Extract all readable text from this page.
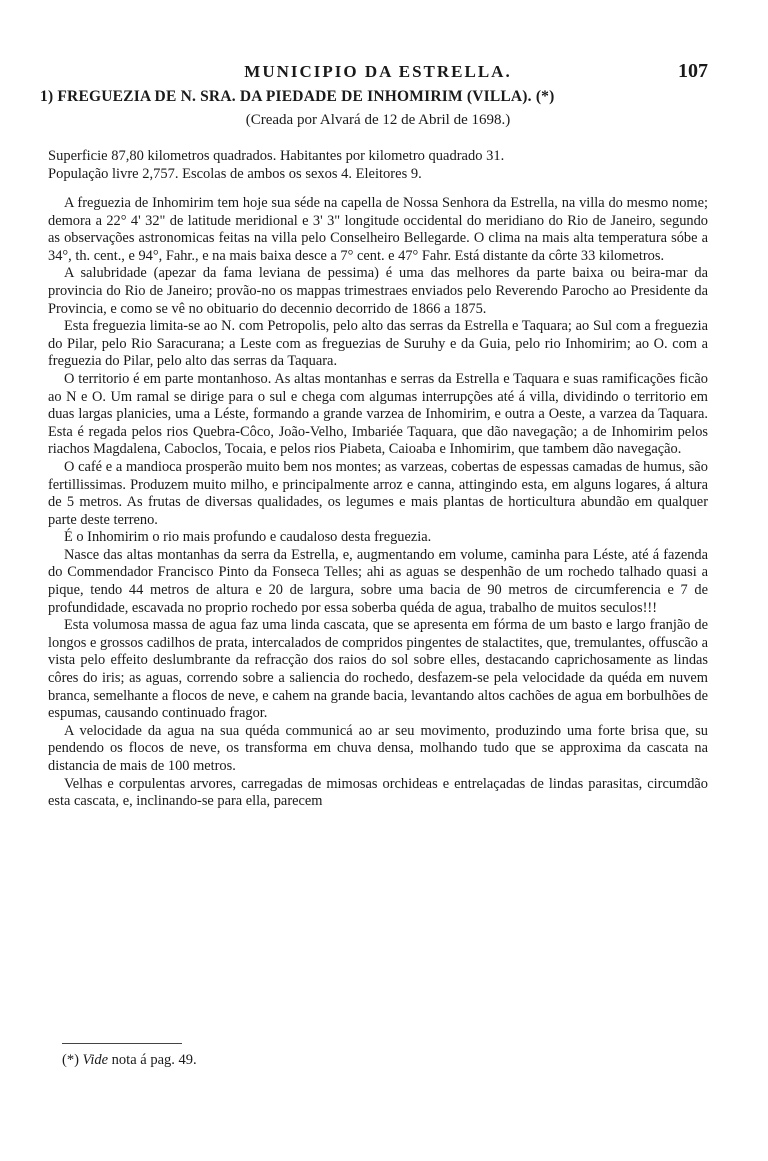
MUNICIPIO DA ESTRELLA.	107
1) FREGUEZIA DE N. SRA. DA PIEDADE DE INHOMIRIM (VILLA). (*)
(Creada por Alvará de 12 de Abril de 1698.)
Superficie 87,80 kilometros quadrados. Habitantes por kilometro quadrado 31.
População livre 2,757. Escolas de ambos os sexos 4. Eleitores 9.

A freguezia de Inhomirim tem hoje sua séde na capella de Nossa Senhora da Estrella, na villa do mesmo nome; demora a 22° 4' 32" de latitude meridional e 3' 3" longitude occidental do meridiano do Rio de Janeiro, segundo as observações astronomicas feitas na villa pelo Conselheiro Bellegarde. O clima na mais alta temperatura sóbe a 34°, th. cent., e 94°, Fahr., e na mais baixa desce a 7° cent. e 47° Fahr. Está distante da côrte 33 kilometros.

A salubridade (apezar da fama leviana de pessima) é uma das melhores da parte baixa ou beira-mar da provincia do Rio de Janeiro; provão-no os mappas trimestraes enviados pelo Reverendo Parocho ao Presidente da Provincia, e como se vê no obituario do decennio decorrido de 1866 a 1875.

Esta freguezia limita-se ao N. com Petropolis, pelo alto das serras da Estrella e Taquara; ao Sul com a freguezia do Pilar, pelo Rio Saracurana; a Leste com as freguezias de Suruhy e da Guia, pelo rio Inhomirim; ao O. com a freguezia do Pilar, pelo alto das serras da Taquara.

O territorio é em parte montanhoso. As altas montanhas e serras da Estrella e Taquara e suas ramificações ficão ao N e O. Um ramal se dirige para o sul e chega com algumas interrupções até á villa, dividindo o territorio em duas largas planicies, uma a Léste, formando a grande varzea de Inhomirim, e outra a Oeste, a varzea da Taquara. Esta é regada pelos rios Quebra-Côco, João-Velho, Imbariée Taquara, que dão navegação; a de Inhomirim pelos riachos Magdalena, Caboclos, Tocaia, e pelos rios Piabeta, Caioaba e Inhomirim, que tambem dão navegação.

O café e a mandioca prosperão muito bem nos montes; as varzeas, cobertas de espessas camadas de humus, são fertillissimas. Produzem muito milho, e principalmente arroz e canna, attingindo esta, em alguns logares, á altura de 5 metros. As frutas de diversas qualidades, os legumes e mais plantas de horticultura abundão em qualquer parte deste terreno.

É o Inhomirim o rio mais profundo e caudaloso desta freguezia.

Nasce das altas montanhas da serra da Estrella, e, augmentando em volume, caminha para Léste, até á fazenda do Commendador Francisco Pinto da Fonseca Telles; ahi as aguas se despenhão de um rochedo talhado quasi a pique, tendo 44 metros de altura e 20 de largura, sobre uma bacia de 90 metros de circumferencia e 7 de profundidade, escavada no proprio rochedo por essa soberba quéda de agua, trabalho de muitos seculos!!!

Esta volumosa massa de agua faz uma linda cascata, que se apresenta em fórma de um basto e largo franjão de longos e grossos cadilhos de prata, intercalados de compridos pingentes de stalactites, que, tremulantes, offuscão a vista pelo effeito deslumbrante da refracção dos raios do sol sobre elles, destacando caprichosamente as lindas côres do iris; as aguas, correndo sobre a saliencia do rochedo, desfazem-se pela velocidade da quéda em nuvem branca, semelhante a flocos de neve, e cahem na grande bacia, levantando altos cachões de agua em borbulhões de espumas, causando continuado fragor.

A velocidade da agua na sua quéda communicá ao ar seu movimento, produzindo uma forte brisa que, su pendendo os flocos de neve, os transforma em chuva densa, molhando tudo que se approxima da cascata na distancia de mais de 100 metros.

Velhas e corpulentas arvores, carregadas de mimosas orchideas e entrelaçadas de lindas parasitas, circumdão esta cascata, e, inclinando-se para ella, parecem

(*) Vide nota á pag. 49.
